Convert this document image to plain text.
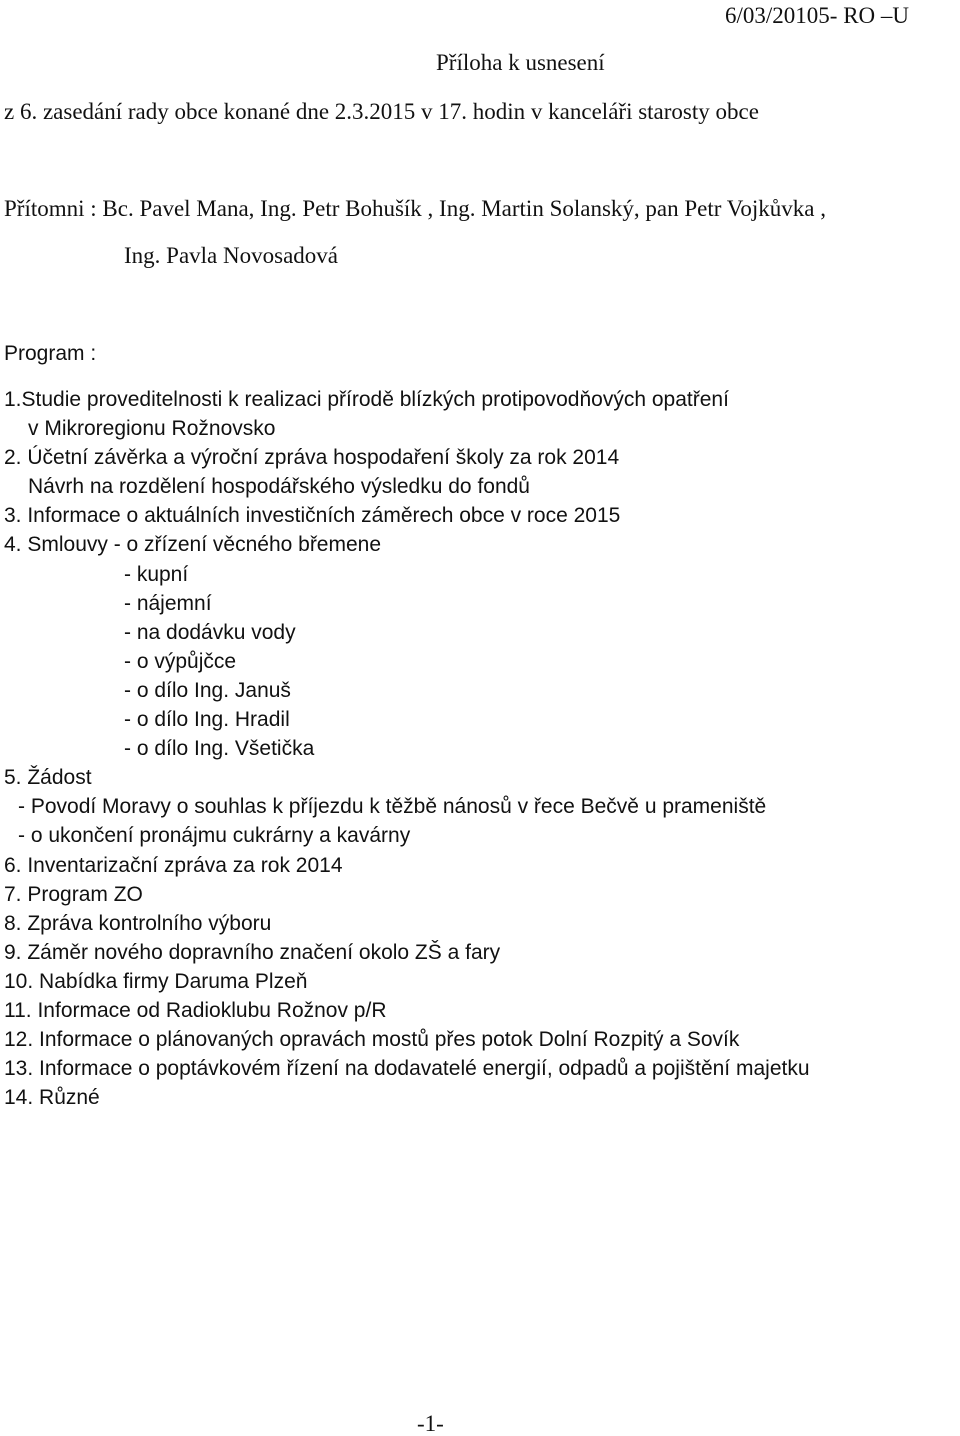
6/03/20105- RO –U

Příloha k usnesení

z 6. zasedání rady obce konané dne 2.3.2015 v 17. hodin v kanceláři starosty obce

Přítomni : Bc. Pavel Mana, Ing. Petr Bohušík , Ing. Martin Solanský, pan Petr Vojkůvka ,

Ing. Pavla Novosadová

Program :

1.Studie proveditelnosti k realizaci přírodě blízkých protipovodňových opatření
v Mikroregionu Rožnovsko
2. Účetní závěrka a výroční zpráva hospodaření školy za rok 2014
Návrh na rozdělení hospodářského výsledku do fondů
3. Informace o aktuálních investičních záměrech obce v roce 2015
4. Smlouvy - o zřízení věcného břemene
- kupní
- nájemní
- na dodávku vody
- o výpůjčce
- o dílo Ing. Januš
- o dílo Ing. Hradil
- o dílo Ing. Všetička
5. Žádost
- Povodí Moravy o souhlas k příjezdu k těžbě nánosů v řece Bečvě u prameniště
- o ukončení pronájmu cukrárny a kavárny
6. Inventarizační zpráva za rok 2014
7. Program ZO
8. Zpráva kontrolního výboru
9. Záměr nového dopravního značení okolo ZŠ a fary
10. Nabídka firmy Daruma Plzeň
11. Informace od Radioklubu Rožnov p/R
12. Informace o plánovaných opravách mostů přes potok Dolní Rozpitý a Sovík
13. Informace o poptávkovém řízení na dodavatelé energií, odpadů a pojištění majetku
14. Různé

-1-
